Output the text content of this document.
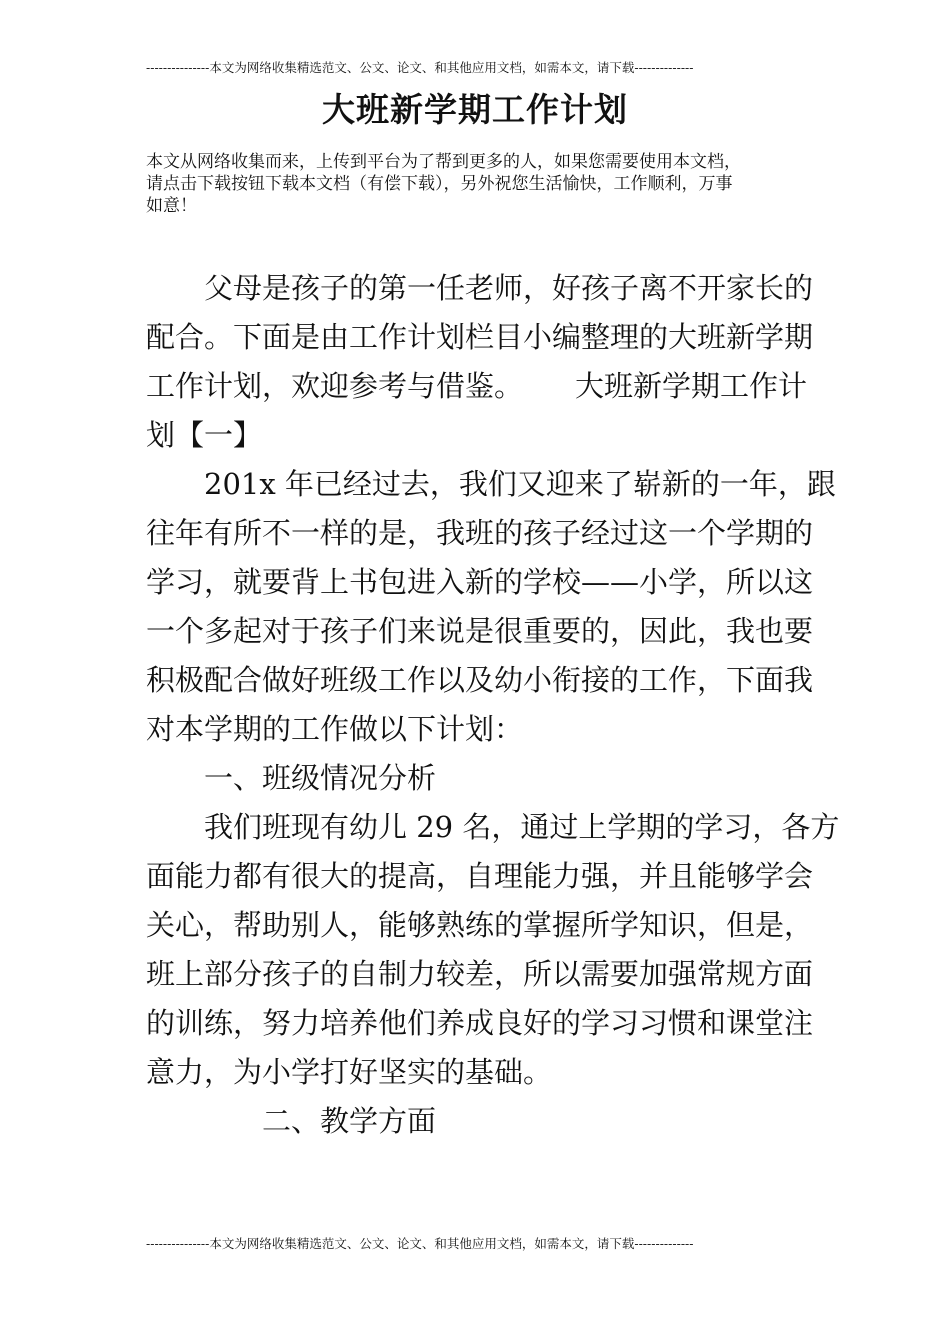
---------------本文为网络收集精选范文、公文、论文、和其他应用文档，如需本文，请下载--------------
大班新学期工作计划
本文从网络收集而来，上传到平台为了帮到更多的人，如果您需要使用本文档，
请点击下载按钮下载本文档（有偿下载），另外祝您生活愉快，工作顺利，万事
如意！
父母是孩子的第一任老师，好孩子离不开家长的
配合。下面是由工作计划栏目小编整理的大班新学期
工作计划，欢迎参考与借鉴。 大班新学期工作计
划【一】
201x 年已经过去，我们又迎来了崭新的一年，跟
往年有所不一样的是，我班的孩子经过这一个学期的
学习，就要背上书包进入新的学校——小学，所以这
一个多起对于孩子们来说是很重要的，因此，我也要
积极配合做好班级工作以及幼小衔接的工作，下面我
对本学期的工作做以下计划：
一、班级情况分析
我们班现有幼儿 29 名，通过上学期的学习，各方
面能力都有很大的提高，自理能力强，并且能够学会
关心，帮助别人，能够熟练的掌握所学知识，但是，
班上部分孩子的自制力较差，所以需要加强常规方面
的训练，努力培养他们养成良好的学习习惯和课堂注
意力，为小学打好坚实的基础。
二、教学方面
---------------本文为网络收集精选范文、公文、论文、和其他应用文档，如需本文，请下载--------------
